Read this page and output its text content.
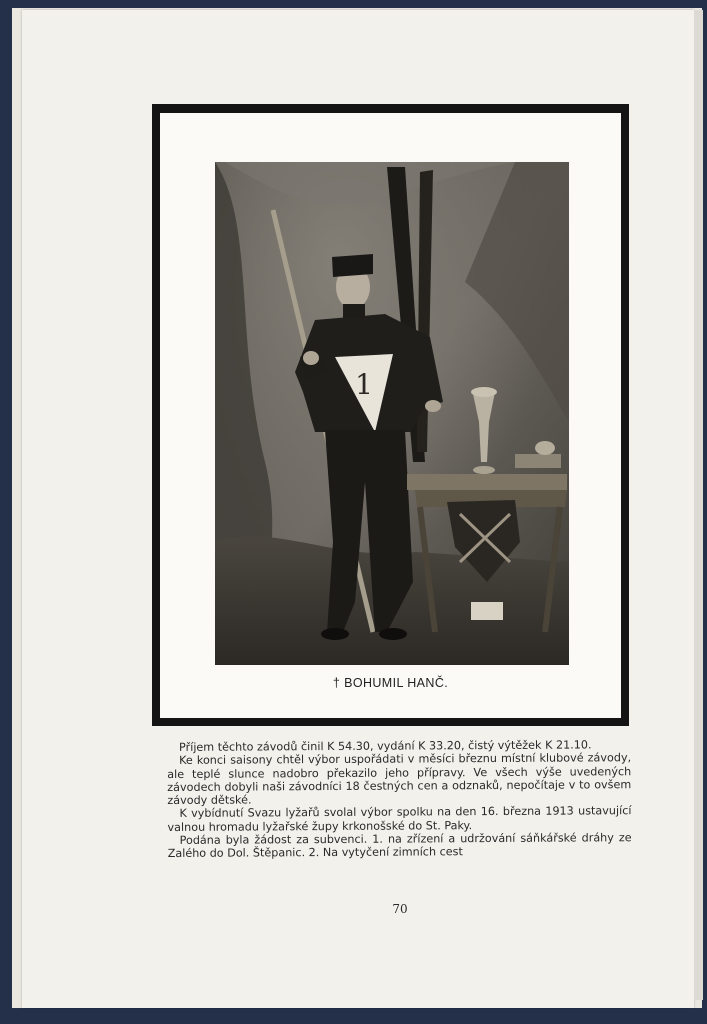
1
† BOHUMIL HANČ.

Příjem těchto závodů činil K 54.30, vydání K 33.20, čistý výtěžek K 21.10.

Ke konci saisony chtěl výbor uspořádati v měsíci březnu místní klubové závody, ale teplé slunce nadobro překazilo jeho přípravy. Ve všech výše uvedených závodech dobyli naši závodníci 18 čestných cen a odznaků, nepočítaje v to ovšem závody dětské.

K vybídnutí Svazu lyžařů svolal výbor spolku na den 16. března 1913 ustavující valnou hromadu lyžařské župy krkonošské do St. Paky.

Podána byla žádost za subvenci. 1. na zřízení a udržování sáňkářské dráhy ze Zalého do Dol. Štěpanic. 2. Na vytyčení zimních cest

70
